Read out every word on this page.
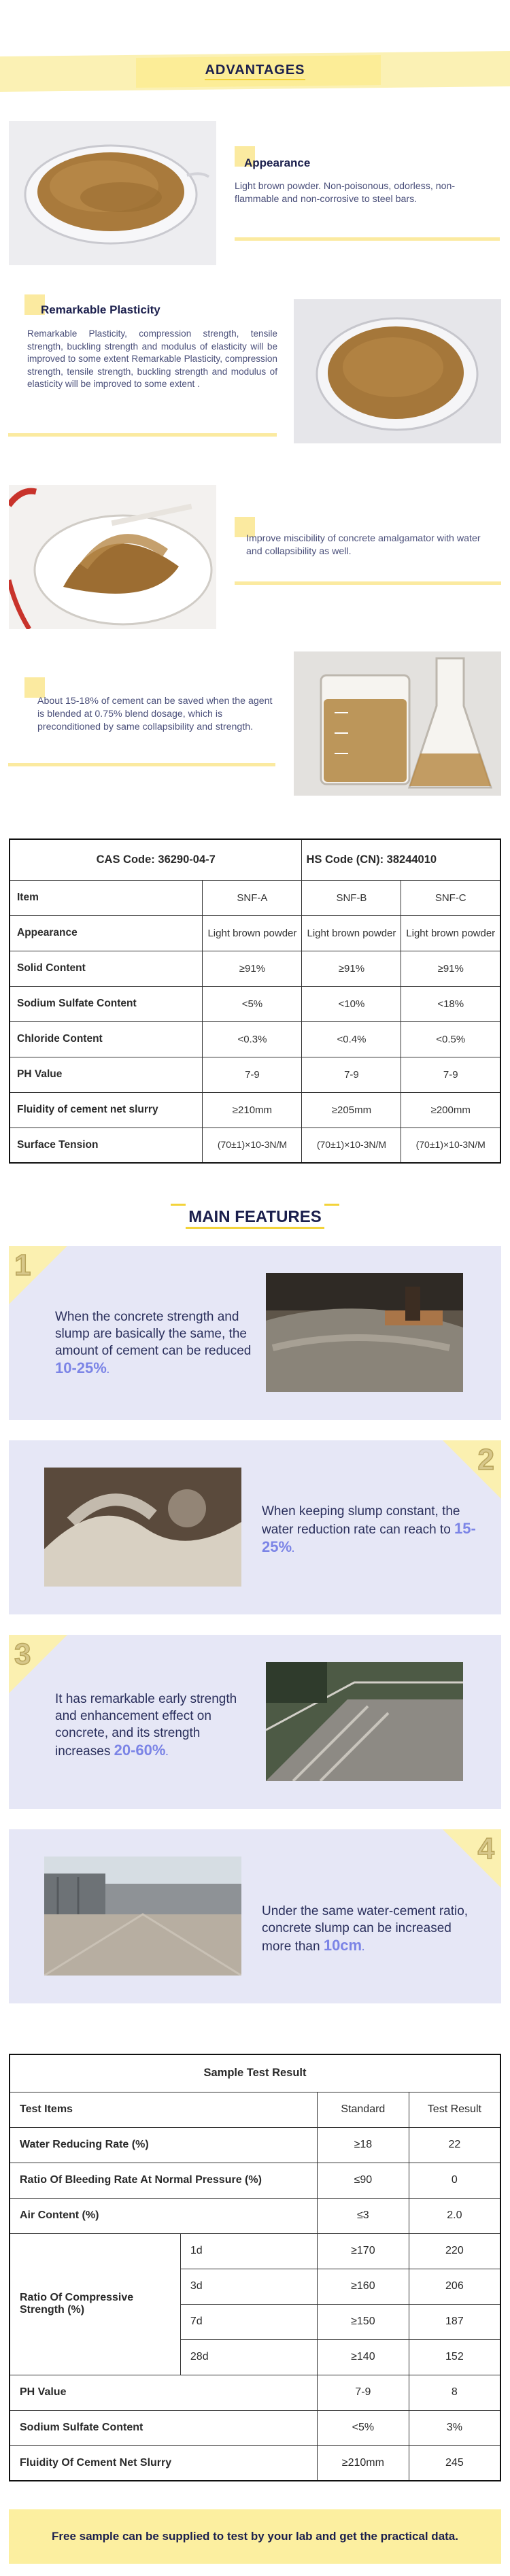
ADVANTAGES
Appearance
Light brown powder. Non-poisonous, odorless, non-flammable and non-corrosive to steel bars.
Remarkable Plasticity
Remarkable Plasticity, compression strength, tensile strength, buckling strength and modulus of elasticity will be improved to some extent Remarkable Plasticity, compression strength, tensile strength, buckling strength and modulus of elasticity will be improved to some extent .
Improve miscibility of concrete amalgamator with water and collapsibility as well.
About 15-18% of cement can be saved when the agent is blended at 0.75% blend dosage, which is preconditioned by same collapsibility and strength.
CAS Code: 36290-04-7		HS Code (CN): 38244010	
Item	SNF-A	SNF-B	SNF-C
Appearance	Light brown powder	Light brown powder	Light brown powder
Solid Content	≥91%	≥91%	≥91%
Sodium Sulfate Content	<5%	<10%	<18%
Chloride Content	<0.3%	<0.4%	<0.5%
PH Value	7-9	7-9	7-9
Fluidity of cement net slurry	≥210mm	≥205mm	≥200mm
Surface Tension	(70±1)×10-3N/M	(70±1)×10-3N/M	(70±1)×10-3N/M
MAIN FEATURES
1
When the concrete strength and slump are basically the same, the amount of cement can be reduced 10-25%.
2
When keeping slump constant, the water reduction rate can reach to 15-25%.
3
It has remarkable early strength and enhancement effect on concrete, and its strength increases 20-60%.
4
Under the same water-cement ratio, concrete slump can be increased more than 10cm.
Sample Test Result			
Test Items		Standard	Test Result
Water Reducing Rate (%)		≥18	22
Ratio Of Bleeding Rate At Normal Pressure (%)		≤90	0
Air Content (%)		≤3	2.0
Ratio Of Compressive Strength (%)	1d	≥170	220
	3d	≥160	206
	7d	≥150	187
	28d	≥140	152
PH Value		7-9	8
Sodium Sulfate Content		<5%	3%
Fluidity Of Cement Net Slurry		≥210mm	245
Free sample can be supplied to test by your lab and get the practical data.
